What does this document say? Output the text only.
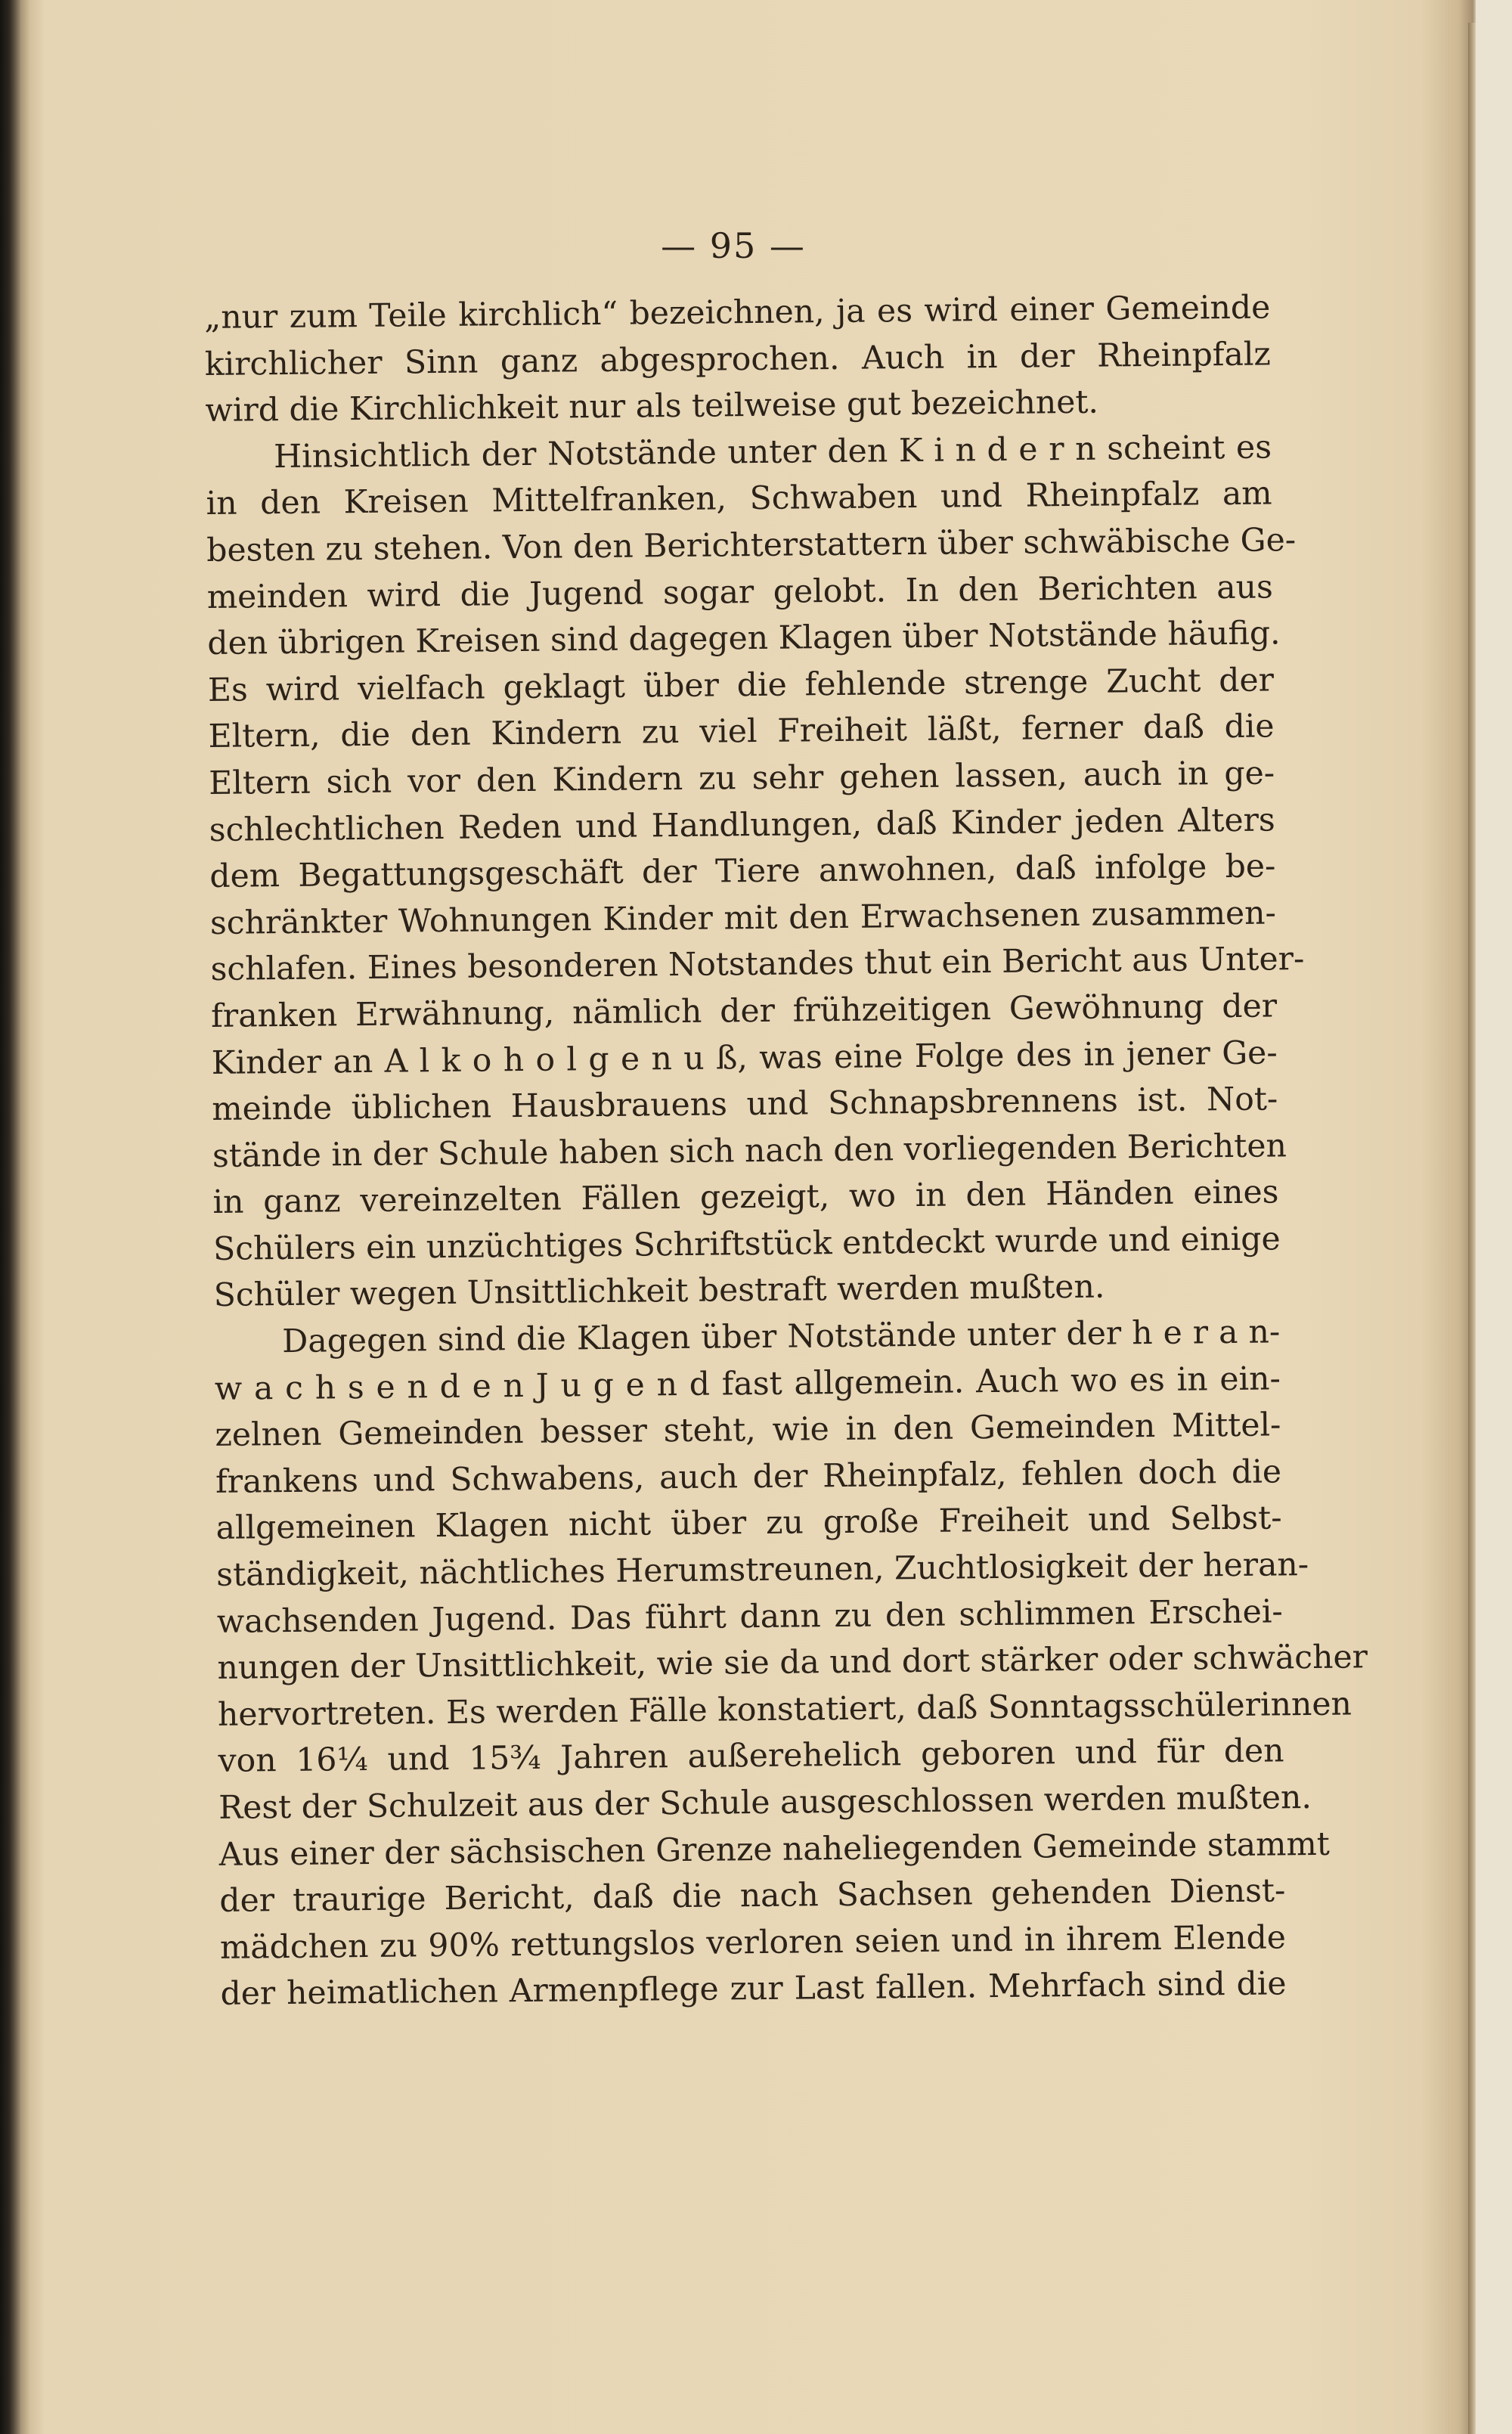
— 95 —
„nur zum Teile kirchlich“ bezeichnen, ja es wird einer Gemeinde
kirchlicher Sinn ganz abgesprochen. Auch in der Rheinpfalz
wird die Kirchlichkeit nur als teilweise gut bezeichnet.
Hinsichtlich der Notstände unter den K i n d e r n scheint es
in den Kreisen Mittelfranken, Schwaben und Rheinpfalz am
besten zu stehen. Von den Berichterstattern über schwäbische Ge-
meinden wird die Jugend sogar gelobt. In den Berichten aus
den übrigen Kreisen sind dagegen Klagen über Notstände häufig.
Es wird vielfach geklagt über die fehlende strenge Zucht der
Eltern, die den Kindern zu viel Freiheit läßt, ferner daß die
Eltern sich vor den Kindern zu sehr gehen lassen, auch in ge-
schlechtlichen Reden und Handlungen, daß Kinder jeden Alters
dem Begattungsgeschäft der Tiere anwohnen, daß infolge be-
schränkter Wohnungen Kinder mit den Erwachsenen zusammen-
schlafen. Eines besonderen Notstandes thut ein Bericht aus Unter-
franken Erwähnung, nämlich der frühzeitigen Gewöhnung der
Kinder an A l k o h o l g e n u ß, was eine Folge des in jener Ge-
meinde üblichen Hausbrauens und Schnapsbrennens ist. Not-
stände in der Schule haben sich nach den vorliegenden Berichten
in ganz vereinzelten Fällen gezeigt, wo in den Händen eines
Schülers ein unzüchtiges Schriftstück entdeckt wurde und einige
Schüler wegen Unsittlichkeit bestraft werden mußten.
Dagegen sind die Klagen über Notstände unter der h e r a n-
w a c h s e n d e n J u g e n d fast allgemein. Auch wo es in ein-
zelnen Gemeinden besser steht, wie in den Gemeinden Mittel-
frankens und Schwabens, auch der Rheinpfalz, fehlen doch die
allgemeinen Klagen nicht über zu große Freiheit und Selbst-
ständigkeit, nächtliches Herumstreunen, Zuchtlosigkeit der heran-
wachsenden Jugend. Das führt dann zu den schlimmen Erschei-
nungen der Unsittlichkeit, wie sie da und dort stärker oder schwächer
hervortreten. Es werden Fälle konstatiert, daß Sonntagsschülerinnen
von 16¼ und 15¾ Jahren außerehelich geboren und für den
Rest der Schulzeit aus der Schule ausgeschlossen werden mußten.
Aus einer der sächsischen Grenze naheliegenden Gemeinde stammt
der traurige Bericht, daß die nach Sachsen gehenden Dienst-
mädchen zu 90% rettungslos verloren seien und in ihrem Elende
der heimatlichen Armenpflege zur Last fallen. Mehrfach sind die
